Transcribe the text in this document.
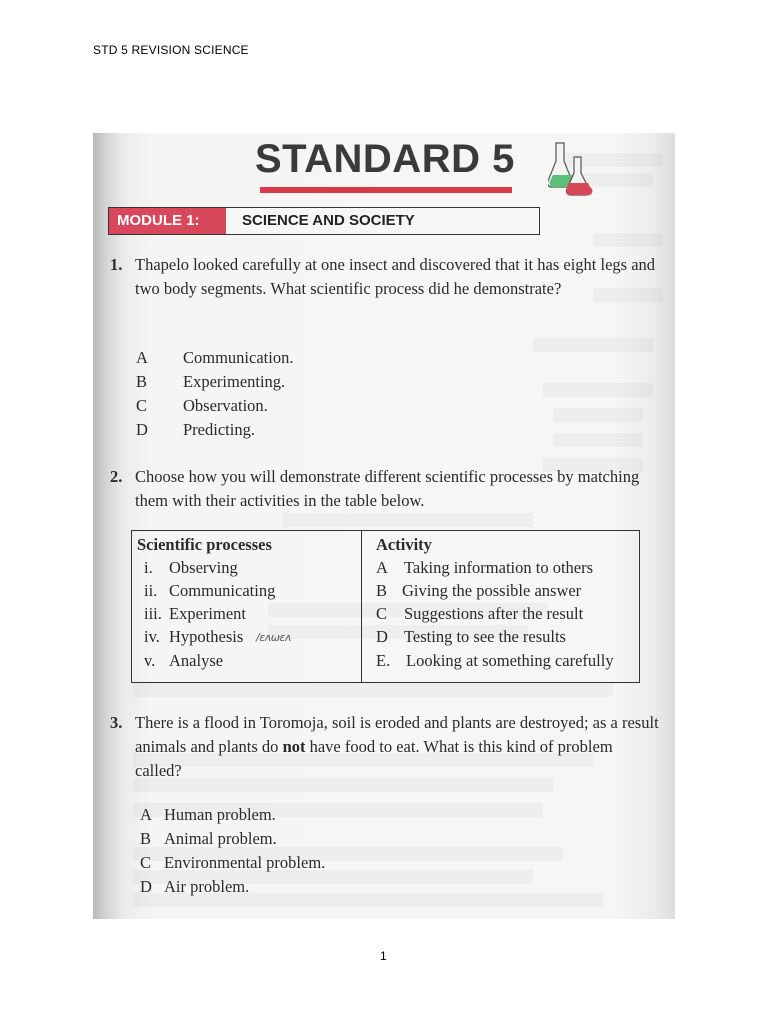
STD 5 REVISION SCIENCE
STANDARD 5
MODULE 1:	SCIENCE AND SOCIETY
1. Thapelo looked carefully at one insect and discovered that it has eight legs and two body segments. What scientific process did he demonstrate?
A Communication.
B Experimenting.
C Observation.
D Predicting.
2. Choose how you will demonstrate different scientific processes by matching them with their activities in the table below.
Scientific processes	Activity
i. Observing
ii. Communicating
iii. Experiment
iv. Hypothesis /ɛʌωɛʌ
v. Analyse
A Taking information to others
B Giving the possible answer
C Suggestions after the result
D Testing to see the results
E. Looking at something carefully
3. There is a flood in Toromoja, soil is eroded and plants are destroyed; as a result animals and plants do not have food to eat. What is this kind of problem called?
A Human problem.
B Animal problem.
C Environmental problem.
D Air problem.
1
